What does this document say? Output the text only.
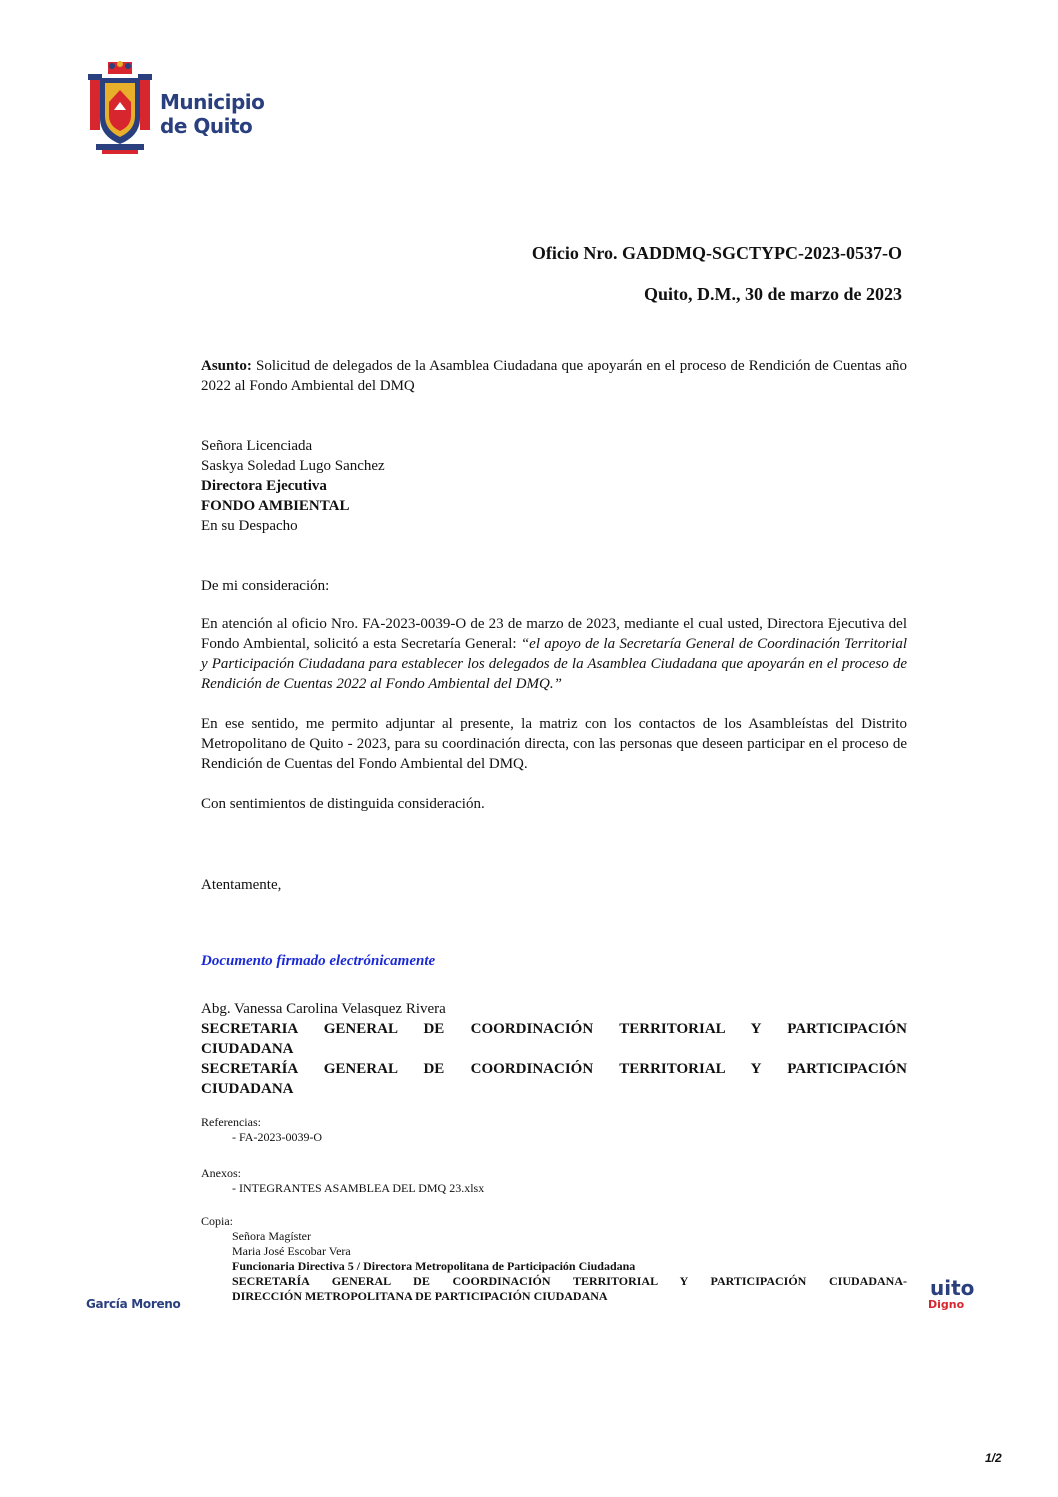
Municipio
de Quito
Oficio Nro. GADDMQ-SGCTYPC-2023-0537-O
Quito, D.M., 30 de marzo de 2023
Asunto: Solicitud de delegados de la Asamblea Ciudadana que apoyarán en el proceso de Rendición de Cuentas año 2022 al Fondo Ambiental del DMQ
Señora Licenciada
Saskya Soledad Lugo Sanchez
Directora Ejecutiva
FONDO AMBIENTAL
En su Despacho
De mi consideración:
En atención al oficio Nro. FA-2023-0039-O de 23 de marzo de 2023, mediante el cual usted, Directora Ejecutiva del Fondo Ambiental, solicitó a esta Secretaría General: “el apoyo de la Secretaría General de Coordinación Territorial y Participación Ciudadana para establecer los delegados de la Asamblea Ciudadana que apoyarán en el proceso de Rendición de Cuentas 2022 al Fondo Ambiental del DMQ.”
En ese sentido, me permito adjuntar al presente, la matriz con los contactos de los Asambleístas del Distrito Metropolitano de Quito - 2023, para su coordinación directa, con las personas que deseen participar en el proceso de Rendición de Cuentas del Fondo Ambiental del DMQ.
Con sentimientos de distinguida consideración.
Atentamente,
Documento firmado electrónicamente
Abg. Vanessa Carolina Velasquez Rivera
SECRETARIA GENERAL DE COORDINACIÓN TERRITORIAL Y PARTICIPACIÓN
CIUDADANA
SECRETARÍA GENERAL DE COORDINACIÓN TERRITORIAL Y PARTICIPACIÓN
CIUDADANA
Referencias:
- FA-2023-0039-O
Anexos:
- INTEGRANTES ASAMBLEA DEL DMQ 23.xlsx
Copia:
Señora Magíster
Maria José Escobar Vera
Funcionaria Directiva 5 / Directora Metropolitana de Participación Ciudadana
SECRETARÍA GENERAL DE COORDINACIÓN TERRITORIAL Y PARTICIPACIÓN CIUDADANA-
DIRECCIÓN METROPOLITANA DE PARTICIPACIÓN CIUDADANA
García Moreno
uito
Digno
1/2
